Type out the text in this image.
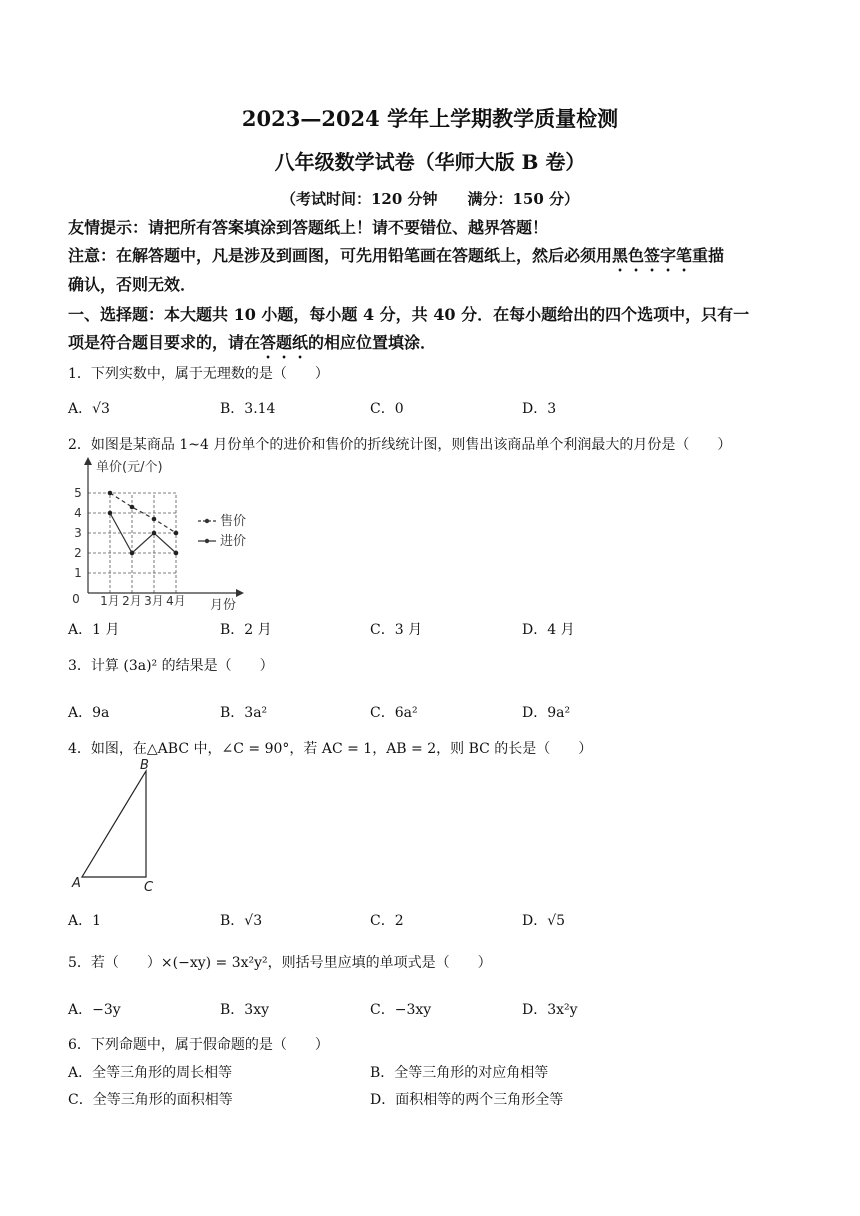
2023—2024 学年上学期教学质量检测
八年级数学试卷（华师大版 B 卷）
（考试时间：120 分钟　　满分：150 分）
友情提示：请把所有答案填涂到答题纸上！请不要错位、越界答题！
注意：在解答题中，凡是涉及到画图，可先用铅笔画在答题纸上，然后必须用黑色签字笔重描
确认，否则无效．
一、选择题：本大题共 10 小题，每小题 4 分，共 40 分．在每小题给出的四个选项中，只有一
项是符合题目要求的，请在答题纸的相应位置填涂．
1．下列实数中，属于无理数的是（　　）
A．√3	B．3.14	C．0	D．3
2．如图是某商品 1~4 月份单个的进价和售价的折线统计图，则售出该商品单个利润最大的月份是（　　）
0
1
2
3
4
5
1月 2月 3月 4月
单价(元/个)
月份
售价
进价
A．1 月	B．2 月	C．3 月	D．4 月
3．计算 (3a)² 的结果是（　　）
A．9a	B．3a²	C．6a²	D．9a²
4．如图，在△ABC 中，∠C = 90°，若 AC = 1，AB = 2，则 BC 的长是（　　）
A
B
C
A．1	B．√3	C．2	D．√5
5．若（　　）×(−xy) = 3x²y²，则括号里应填的单项式是（　　）
A．−3y	B．3xy	C．−3xy	D．3x²y
6．下列命题中，属于假命题的是（　　）
A．全等三角形的周长相等	B．全等三角形的对应角相等
C．全等三角形的面积相等	D．面积相等的两个三角形全等
